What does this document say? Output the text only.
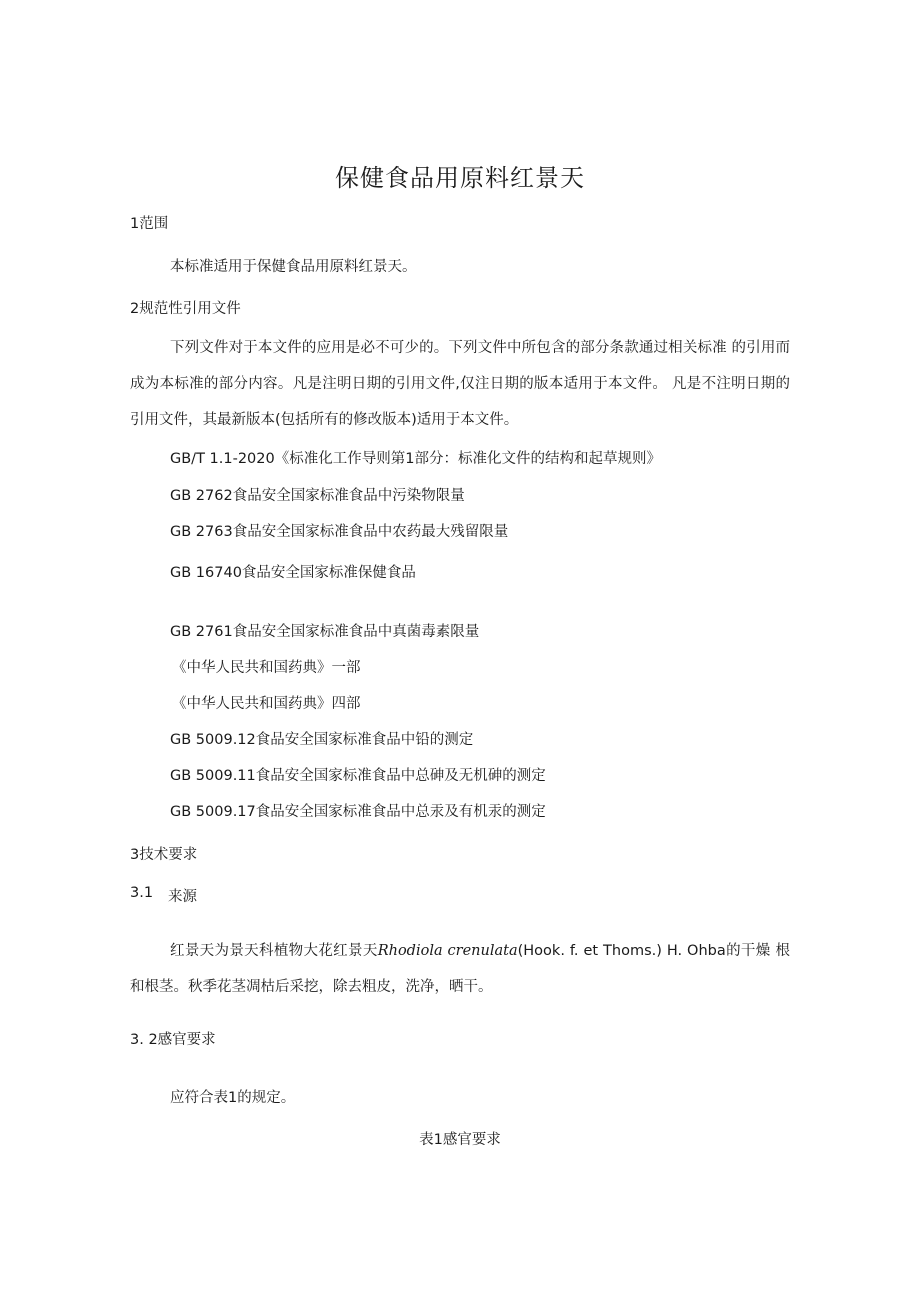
保健食品用原料红景天
1范围
本标准适用于保健食品用原料红景天。
2规范性引用文件
下列文件对于本文件的应用是必不可少的。下列文件中所包含的部分条款通过相关标准 的引用而成为本标准的部分内容。凡是注明日期的引用文件,仅注日期的版本适用于本文件。 凡是不注明日期的引用文件，其最新版本(包括所有的修改版本)适用于本文件。
GB/T 1.1-2020《标准化工作导则第1部分：标准化文件的结构和起草规则》
GB 2762食品安全国家标准食品中污染物限量
GB 2763食品安全国家标准食品中农药最大残留限量
GB 16740食品安全国家标准保健食品
GB 2761食品安全国家标准食品中真菌毒素限量
《中华人民共和国药典》一部
《中华人民共和国药典》四部
GB 5009.12食品安全国家标准食品中铅的测定
GB 5009.11食品安全国家标准食品中总砷及无机砷的测定
GB 5009.17食品安全国家标准食品中总汞及有机汞的测定
3技术要求
3.1 来源
红景天为景天科植物大花红景天Rhodiola crenulata(Hook. f. et Thoms.) H. Ohba的干燥 根和根茎。秋季花茎凋枯后采挖，除去粗皮，洗净，晒干。
3. 2感官要求
应符合表1的规定。
表1感官要求
